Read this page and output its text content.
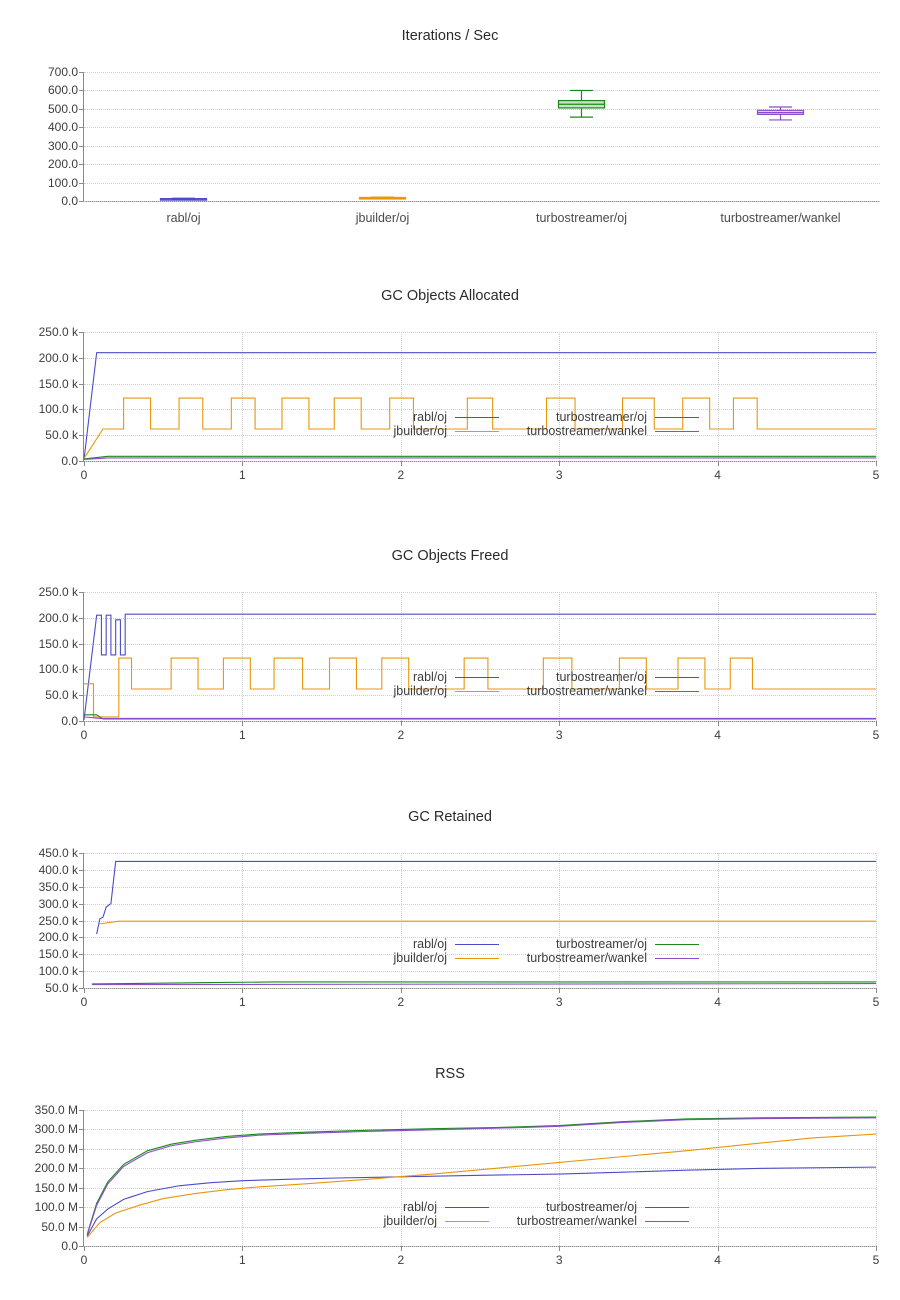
Iterations / Sec
0.0
100.0
200.0
300.0
400.0
500.0
600.0
700.0
rabl/oj	jbuilder/oj	turbostreamer/oj	turbostreamer/wankel
GC Objects Allocated
0.0
50.0 k
100.0 k
150.0 k
200.0 k
250.0 k
0	1	2	3	4	5
rabl/oj	turbostreamer/oj
jbuilder/oj	turbostreamer/wankel
GC Objects Freed
0.0
50.0 k
100.0 k
150.0 k
200.0 k
250.0 k
0	1	2	3	4	5
rabl/oj	turbostreamer/oj
jbuilder/oj	turbostreamer/wankel
GC Retained
50.0 k
100.0 k
150.0 k
200.0 k
250.0 k
300.0 k
350.0 k
400.0 k
450.0 k
0	1	2	3	4	5
rabl/oj	turbostreamer/oj
jbuilder/oj	turbostreamer/wankel
RSS
0.0
50.0 M
100.0 M
150.0 M
200.0 M
250.0 M
300.0 M
350.0 M
0	1	2	3	4	5
rabl/oj	turbostreamer/oj
jbuilder/oj	turbostreamer/wankel
